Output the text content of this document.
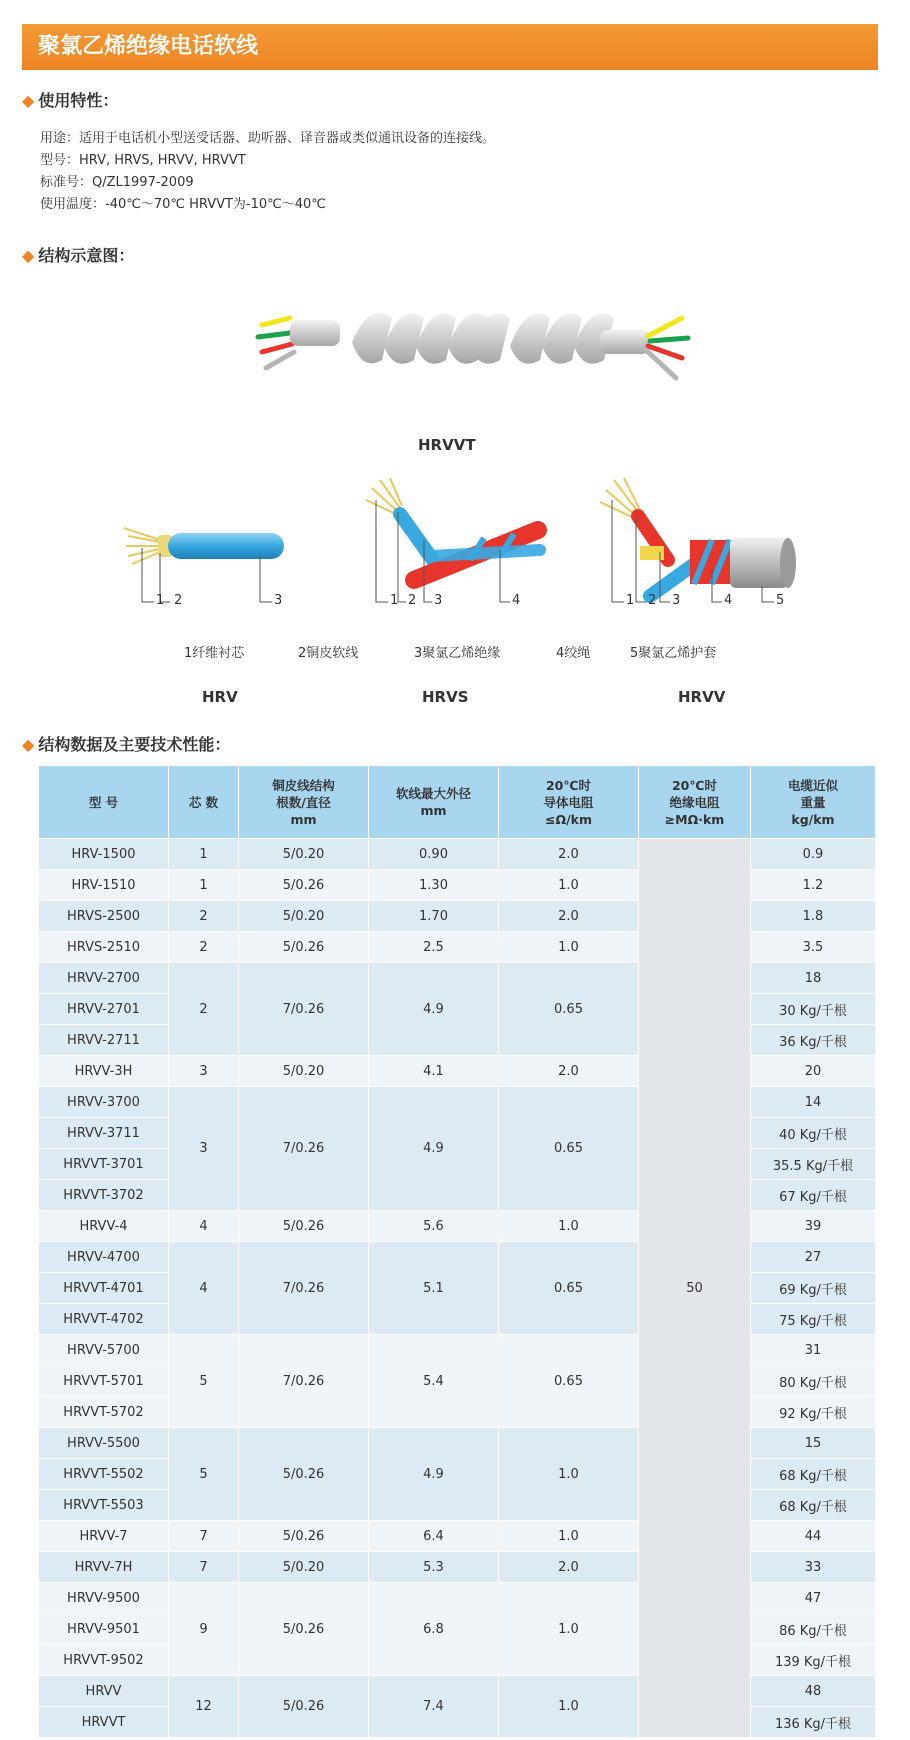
聚氯乙烯绝缘电话软线
◆ 使用特性：
用途：适用于电话机小型送受话器、助听器、译音器或类似通讯设备的连接线。
型号：HRV, HRVS, HRVV, HRVVT
标准号：Q/ZL1997-2009
使用温度：-40℃～70℃ HRVVT为-10℃～40℃
◆ 结构示意图：
HRVVT
1 2	3	1 2 3	4	1 2 3	4	5
1纤维衬芯	2铜皮软线	3聚氯乙烯绝缘	4绞绳	5聚氯乙烯护套
HRV	HRVS	HRVV
◆ 结构数据及主要技术性能：
型 号	芯 数	铜皮线结构
根数/直径
mm	软线最大外径
mm	20℃时
导体电阻
≤Ω/km	20℃时
绝缘电阻
≥MΩ·km	电缆近似
重量
kg/km
HRV-1500	1	5/0.20	0.90	2.0	50	0.9
HRV-1510	1	5/0.26	1.30	1.0		1.2
HRVS-2500	2	5/0.20	1.70	2.0		1.8
HRVS-2510	2	5/0.26	2.5	1.0		3.5
HRVV-2700	2	7/0.26	4.9	0.65		18
HRVV-2701						30 Kg/千根
HRVV-2711						36 Kg/千根
HRVV-3H	3	5/0.20	4.1	2.0		20
HRVV-3700	3	7/0.26	4.9	0.65		14
HRVV-3711						40 Kg/千根
HRVVT-3701						35.5 Kg/千根
HRVVT-3702						67 Kg/千根
HRVV-4	4	5/0.26	5.6	1.0		39
HRVV-4700	4	7/0.26	5.1	0.65		27
HRVVT-4701						69 Kg/千根
HRVVT-4702						75 Kg/千根
HRVV-5700	5	7/0.26	5.4	0.65		31
HRVVT-5701						80 Kg/千根
HRVVT-5702						92 Kg/千根
HRVV-5500	5	5/0.26	4.9	1.0		15
HRVVT-5502						68 Kg/千根
HRVVT-5503						68 Kg/千根
HRVV-7	7	5/0.26	6.4	1.0		44
HRVV-7H	7	5/0.20	5.3	2.0		33
HRVV-9500	9	5/0.26	6.8	1.0		47
HRVV-9501						86 Kg/千根
HRVVT-9502						139 Kg/千根
HRVV	12	5/0.26	7.4	1.0		48
HRVVT						136 Kg/千根
